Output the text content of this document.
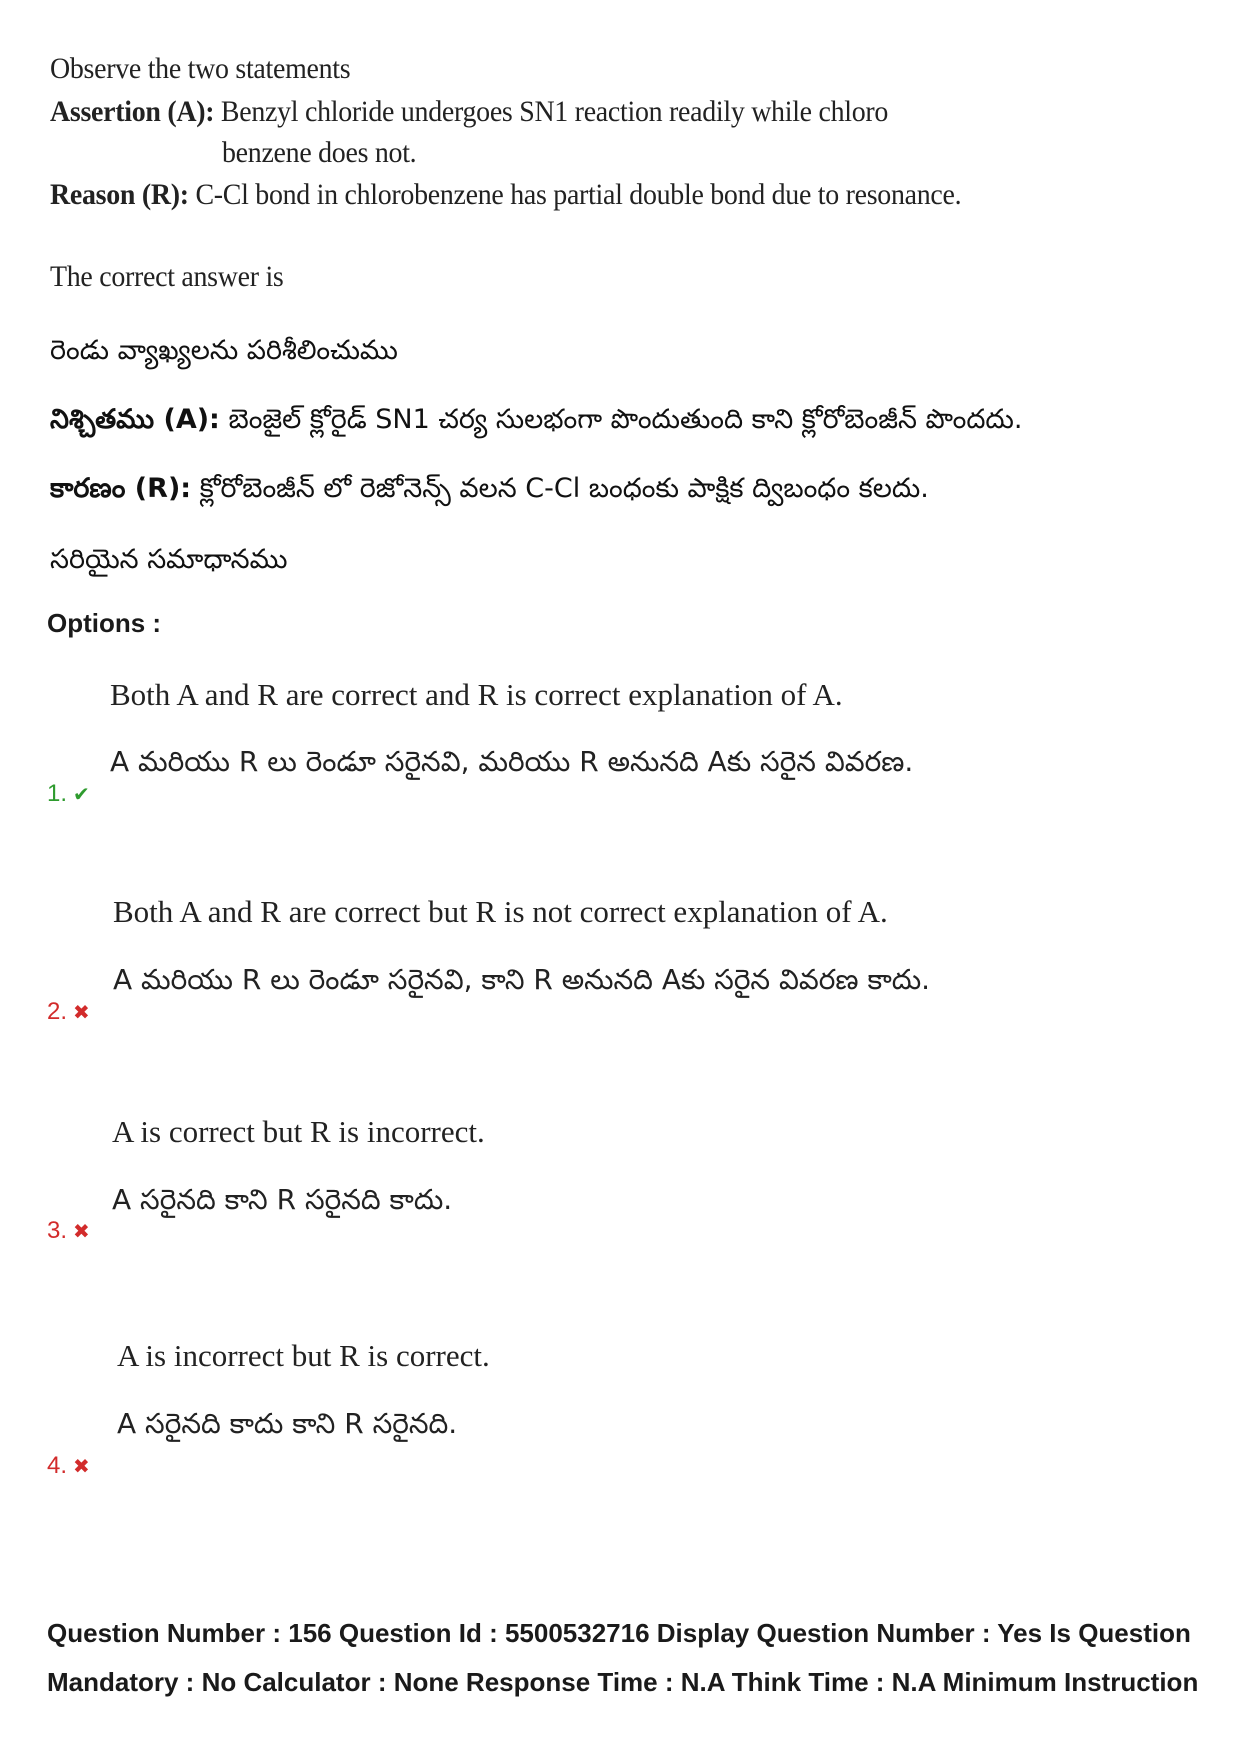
Observe the two statements
Assertion (A): Benzyl chloride undergoes SN1 reaction readily while chloro
benzene does not.
Reason (R): C-Cl bond in chlorobenzene has partial double bond due to resonance.
The correct answer is
రెండు వ్యాఖ్యలను పరిశీలించుము
నిశ్చితము (A): బెంజైల్ క్లోరైడ్ SN1 చర్య సులభంగా పొందుతుంది కాని క్లోరోబెంజీన్ పొందదు.
కారణం (R): క్లోరోబెంజీన్ లో రెజోనెన్స్ వలన C-Cl బంధంకు పాక్షిక ద్విబంధం కలదు.
సరియైన సమాధానము
Options :
Both A and R are correct and R is correct explanation of A.
A మరియు R లు రెండూ సరైనవి, మరియు R అనునది Aకు సరైన వివరణ.
1. ✔
Both A and R are correct but R is not correct explanation of A.
A మరియు R లు రెండూ సరైనవి, కాని R అనునది Aకు సరైన వివరణ కాదు.
2. ✖
A is correct but R is incorrect.
A సరైనది కాని R సరైనది కాదు.
3. ✖
A is incorrect but R is correct.
A సరైనది కాదు కాని R సరైనది.
4. ✖
Question Number : 156 Question Id : 5500532716 Display Question Number : Yes Is Question
Mandatory : No Calculator : None Response Time : N.A Think Time : N.A Minimum Instruction
